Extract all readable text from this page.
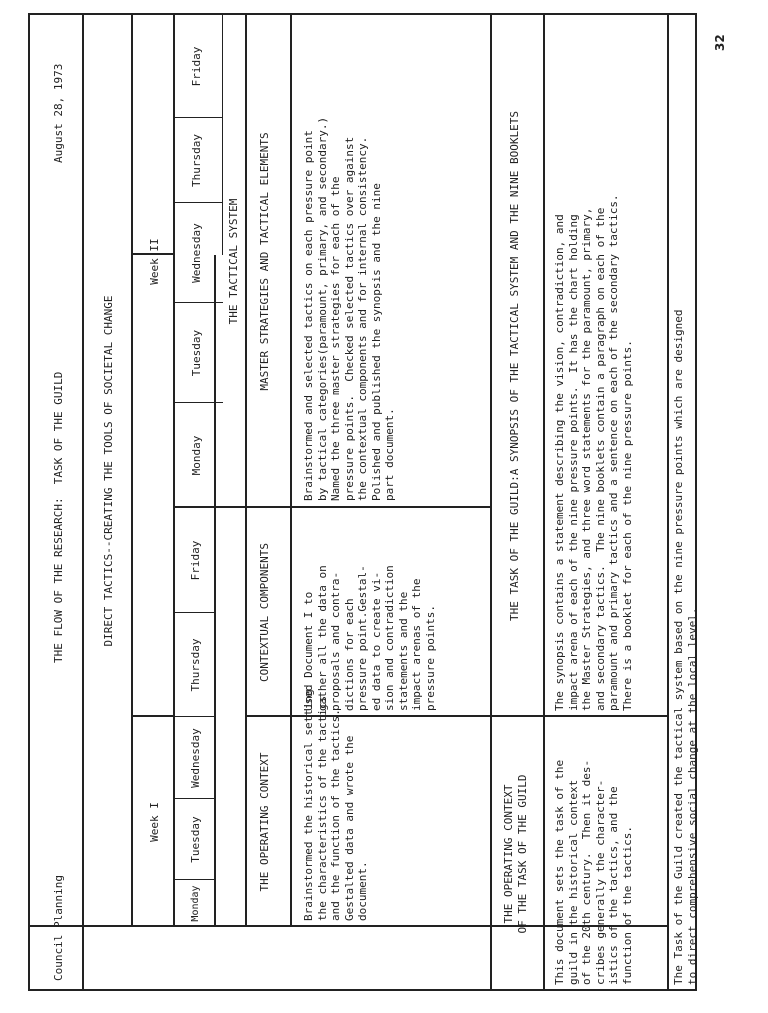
Council Planning
THE FLOW OF THE RESEARCH:  TASK OF THE GUILD
August 28, 1973
DIRECT TACTICS--CREATING THE TOOLS OF SOCIETAL CHANGE
Week I
Week II
Monday
Tuesday
Wednesday
Thursday
Friday
Monday
Tuesday
Wednesday
Thursday
Friday
THE TACTICAL SYSTEM
THE OPERATING CONTEXT
CONTEXTUAL COMPONENTS
MASTER STRATEGIES AND TACTICAL ELEMENTS
Brainstormed the historical setting
the characteristics of the tactics
and the function of the tactics.
Gestalted data and wrote the
document.
Used Document I to
gather all the data on
proposals and contra-
dictions for each
pressure point.Gestal-
ed data to create vi-
sion and contradiction
statements and the
impact arenas of the
pressure points.
Brainstormed and selected tactics on each pressure point
by tactical categories(paramount, primary, and secondary.)
Named the three master strategies for each of the
pressure points.  Checked selected tactics over against
the contextual components and for internal consistency.
Polished and published the synopsis and the nine
part document.
THE OPERATING CONTEXT
OF THE TASK OF THE GUILD
THE TASK OF THE GUILD:A SYNOPSIS OF THE TACTICAL SYSTEM AND THE NINE BOOKLETS
This document sets the task of the
guild in the historical context
of the 20th century.  Then it des-
cribes generally the character-
istics of the tactics, and the
function of the tactics.
The synopsis contains a statement describing the vision, contradiction, and
impact arena of each of the nine pressure points.  It has the chart holding
the Master Strategies, and three word statements for the paramount, primary,
and secondary tactics.  The nine booklets contain a paragraph on each of the
paramount and primary tactics and a sentence on each of the secondary tactics.
There is a booklet for each of the nine pressure points.
The Task of the Guild created the tactical system based on the nine pressure points which are designed
to direct comprehensive social change at the local level.
32
